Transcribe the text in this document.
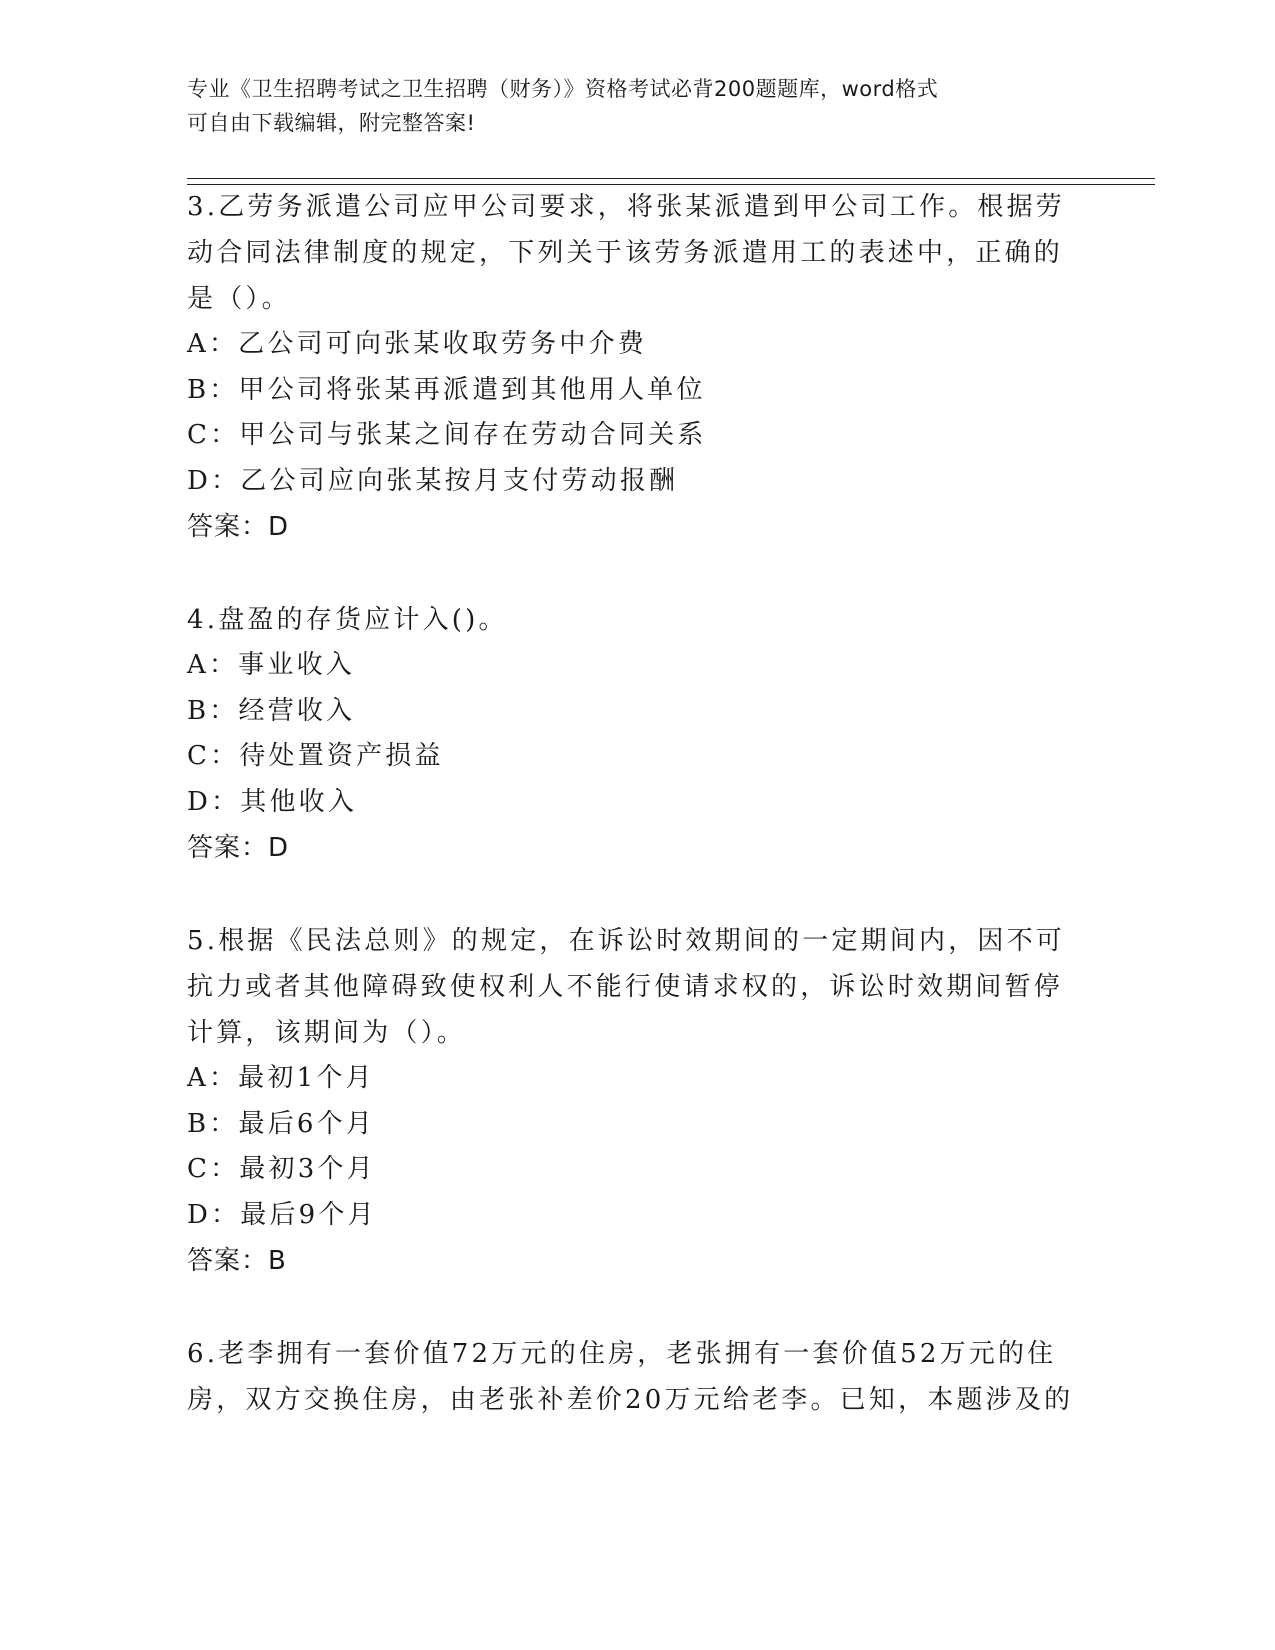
专业《卫生招聘考试之卫生招聘（财务）》资格考试必背200题题库，word格式
可自由下载编辑，附完整答案!

3.乙劳务派遣公司应甲公司要求，将张某派遣到甲公司工作。根据劳

动合同法律制度的规定，下列关于该劳务派遣用工的表述中，正确的

是（）。

A：乙公司可向张某收取劳务中介费

B：甲公司将张某再派遣到其他用人单位

C：甲公司与张某之间存在劳动合同关系

D：乙公司应向张某按月支付劳动报酬

答案：D

4.盘盈的存货应计入()。

A：事业收入

B：经营收入

C：待处置资产损益

D：其他收入

答案：D

5.根据《民法总则》的规定，在诉讼时效期间的一定期间内，因不可

抗力或者其他障碍致使权利人不能行使请求权的，诉讼时效期间暂停

计算，该期间为（）。

A：最初1个月

B：最后6个月

C：最初3个月

D：最后9个月

答案：B

6.老李拥有一套价值72万元的住房，老张拥有一套价值52万元的住

房，双方交换住房，由老张补差价20万元给老李。已知，本题涉及的
